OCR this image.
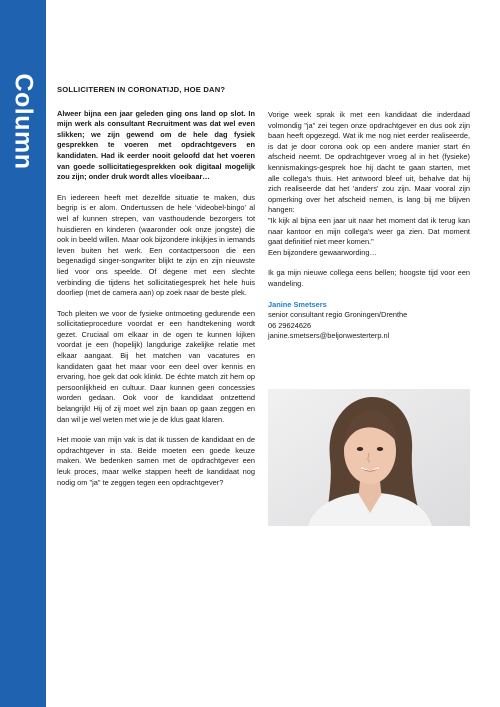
Column	SOLLICITEREN IN CORONATIJD, HOE DAN?

Alweer bijna een jaar geleden ging ons land op slot. In mijn werk als consultant Recruitment was dat wel even slikken; we zijn gewend om de hele dag fysiek gesprekken te voeren met opdrachtgevers en kandidaten. Had ik eerder nooit geloofd dat het voeren van goede sollicitatiegesprekken ook digitaal mogelijk zou zijn; onder druk wordt alles vloeibaar…

En iedereen heeft met dezelfde situatie te maken, dus begrip is er alom. Ondertussen de hele 'videobel-bingo' al wel af kunnen strepen, van vasthoudende bezorgers tot huisdieren en kinderen (waaronder ook onze jongste) die ook in beeld willen. Maar ook bijzondere inkijkjes in iemands leven buiten het werk. Een contactpersoon die een begenadigd singer-songwriter blijkt te zijn en zijn nieuwste lied voor ons speelde. Of degene met een slechte verbinding die tijdens het sollicitatiegesprek het hele huis doorliep (met de camera aan) op zoek naar de beste plek.

Toch pleiten we voor de fysieke ontmoeting gedurende een sollicitatieprocedure voordat er een handtekening wordt gezet. Cruciaal om elkaar in de ogen te kunnen kijken voordat je een (hopelijk) langdurige zakelijke relatie met elkaar aangaat. Bij het matchen van vacatures en kandidaten gaat het maar voor een deel over kennis en ervaring, hoe gek dat ook klinkt. De échte match zit hem op persoonlijkheid en cultuur. Daar kunnen geen concessies worden gedaan. Ook voor de kandidaat ontzettend belangrijk! Hij of zij moet wel zijn baan op gaan zeggen en dan wil je wel weten met wie je de klus gaat klaren.

Het mooie van mijn vak is dat ik tussen de kandidaat en de opdrachtgever in sta. Beide moeten een goede keuze maken. We bedenken samen met de opdrachtgever een leuk proces, maar welke stappen heeft de kandidaat nog nodig om "ja" te zeggen tegen een opdrachtgever?

Vorige week sprak ik met een kandidaat die inderdaad volmondig "ja" zei tegen onze opdrachtgever en dus ook zijn baan heeft opgezegd. Wat ik me nog niet eerder realiseerde, is dat je door corona ook op een andere manier start én afscheid neemt. De opdrachtgever vroeg al in het (fysieke) kennismakings-gesprek hoe hij dacht te gaan starten, met alle collega's thuis. Het antwoord bleef uit, behalve dat hij zich realiseerde dat het 'anders' zou zijn. Maar vooral zijn opmerking over het afscheid nemen, is lang bij me blijven hangen:

"Ik kijk al bijna een jaar uit naar het moment dat ik terug kan naar kantoor en mijn collega's weer ga zien. Dat moment gaat definitief niet meer komen."

Een bijzondere gewaarwording…

Ik ga mijn nieuwe collega eens bellen; hoogste tijd voor een wandeling.

Janine Smetsers
senior consultant regio Groningen/Drenthe
06 29624626
janine.smetsers@beljonwesterterp.nl
